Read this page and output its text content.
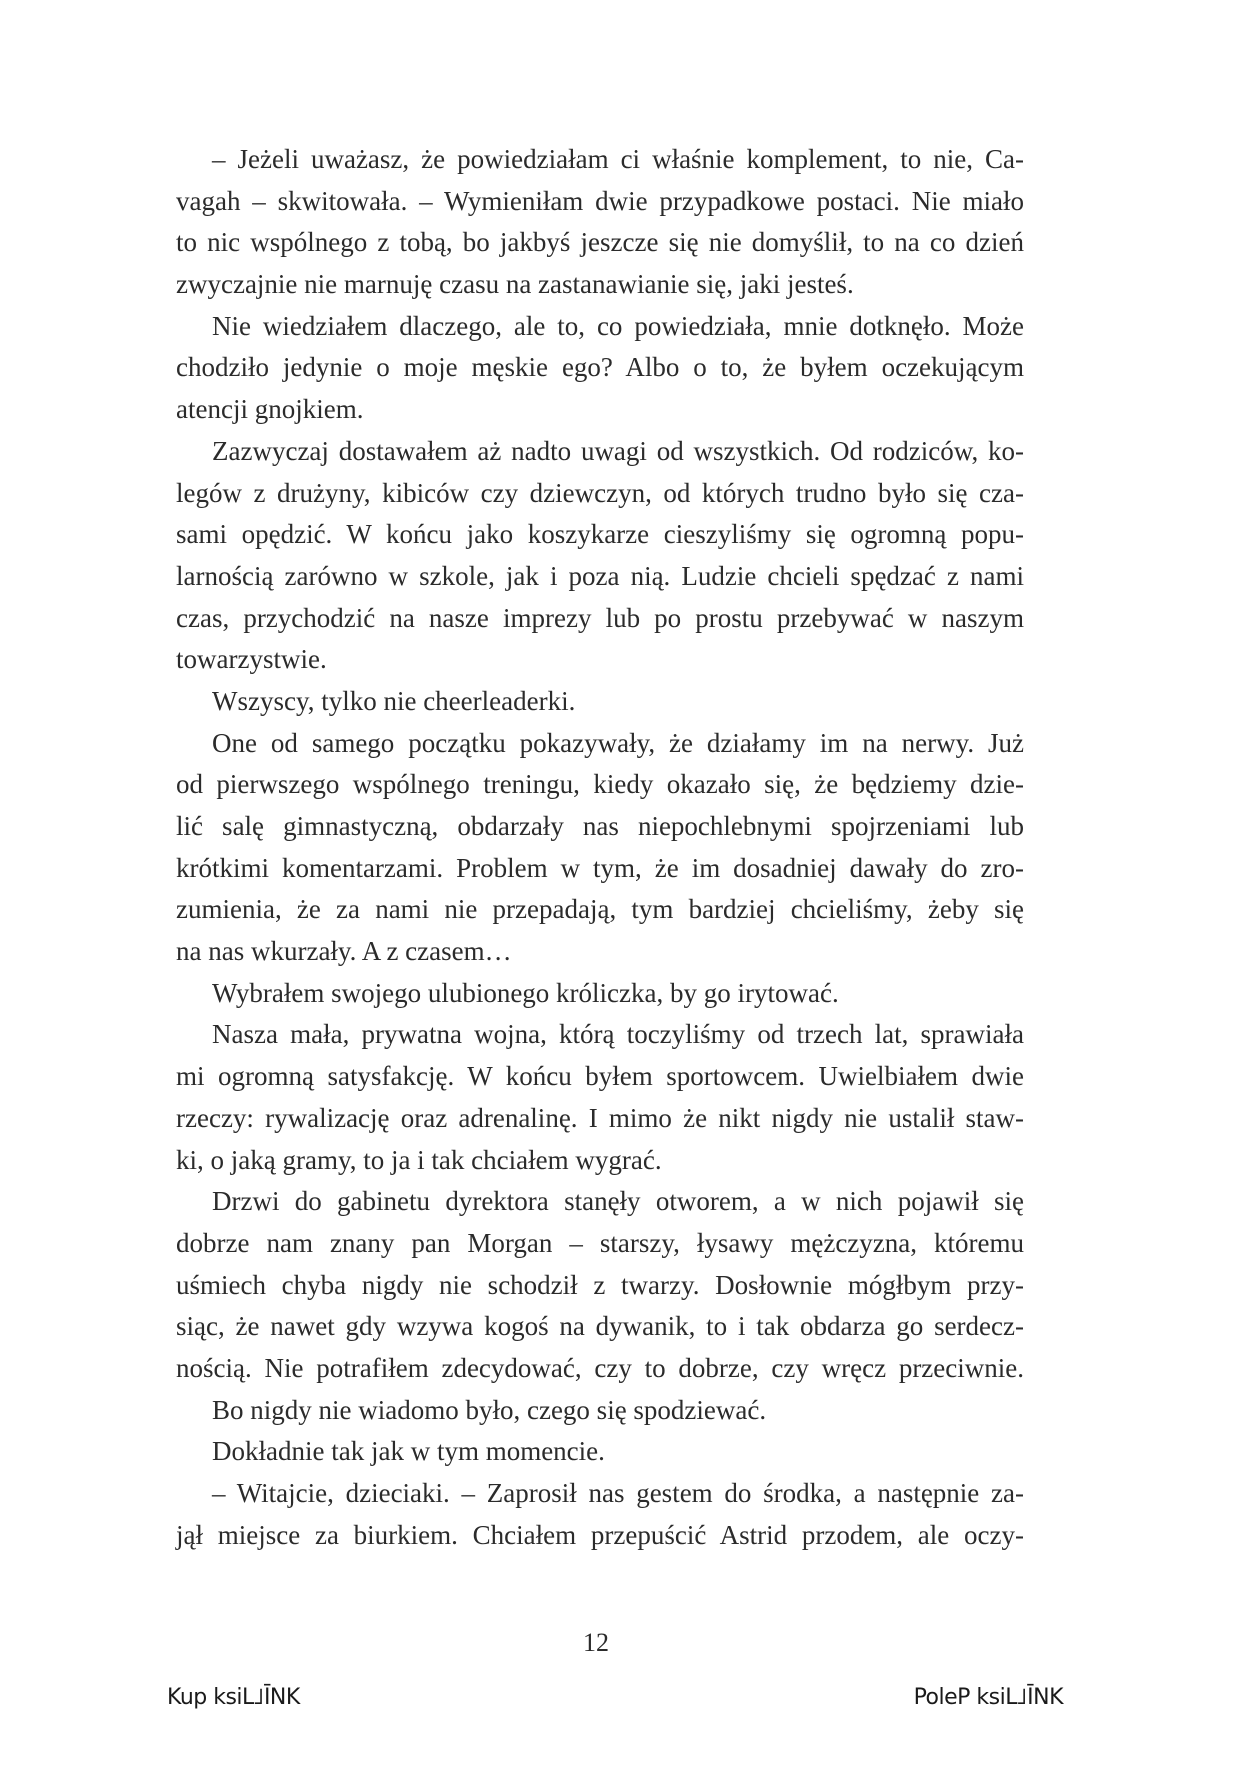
– Jeżeli uważasz, że powiedziałam ci właśnie komplement, to nie, Ca-
vagah – skwitowała. – Wymieniłam dwie przypadkowe postaci. Nie miało
to nic wspólnego z tobą, bo jakbyś jeszcze się nie domyślił, to na co dzień
zwyczajnie nie marnuję czasu na zastanawianie się, jaki jesteś.
Nie wiedziałem dlaczego, ale to, co powiedziała, mnie dotknęło. Może
chodziło jedynie o moje męskie ego? Albo o to, że byłem oczekującym
atencji gnojkiem.
Zazwyczaj dostawałem aż nadto uwagi od wszystkich. Od rodziców, ko-
legów z drużyny, kibiców czy dziewczyn, od których trudno było się cza-
sami opędzić. W końcu jako koszykarze cieszyliśmy się ogromną popu-
larnością zarówno w szkole, jak i poza nią. Ludzie chcieli spędzać z nami
czas, przychodzić na nasze imprezy lub po prostu przebywać w naszym
towarzystwie.
Wszyscy, tylko nie cheerleaderki.
One od samego początku pokazywały, że działamy im na nerwy. Już
od pierwszego wspólnego treningu, kiedy okazało się, że będziemy dzie-
lić salę gimnastyczną, obdarzały nas niepochlebnymi spojrzeniami lub
krótkimi komentarzami. Problem w tym, że im dosadniej dawały do zro-
zumienia, że za nami nie przepadają, tym bardziej chcieliśmy, żeby się
na nas wkurzały. A z czasem…
Wybrałem swojego ulubionego króliczka, by go irytować.
Nasza mała, prywatna wojna, którą toczyliśmy od trzech lat, sprawiała
mi ogromną satysfakcję. W końcu byłem sportowcem. Uwielbiałem dwie
rzeczy: rywalizację oraz adrenalinę. I mimo że nikt nigdy nie ustalił staw-
ki, o jaką gramy, to ja i tak chciałem wygrać.
Drzwi do gabinetu dyrektora stanęły otworem, a w nich pojawił się
dobrze nam znany pan Morgan – starszy, łysawy mężczyzna, któremu
uśmiech chyba nigdy nie schodził z twarzy. Dosłownie mógłbym przy-
siąc, że nawet gdy wzywa kogoś na dywanik, to i tak obdarza go serdecz-
nością. Nie potrafiłem zdecydować, czy to dobrze, czy wręcz przeciwnie.
Bo nigdy nie wiadomo było, czego się spodziewać.
Dokładnie tak jak w tym momencie.
– Witajcie, dzieciaki. – Zaprosił nas gestem do środka, a następnie za-
jął miejsce za biurkiem. Chciałem przepuścić Astrid przodem, ale oczy-
12
Kup ksiLࡋĪNK	PoleP ksiLࡋĪNK
